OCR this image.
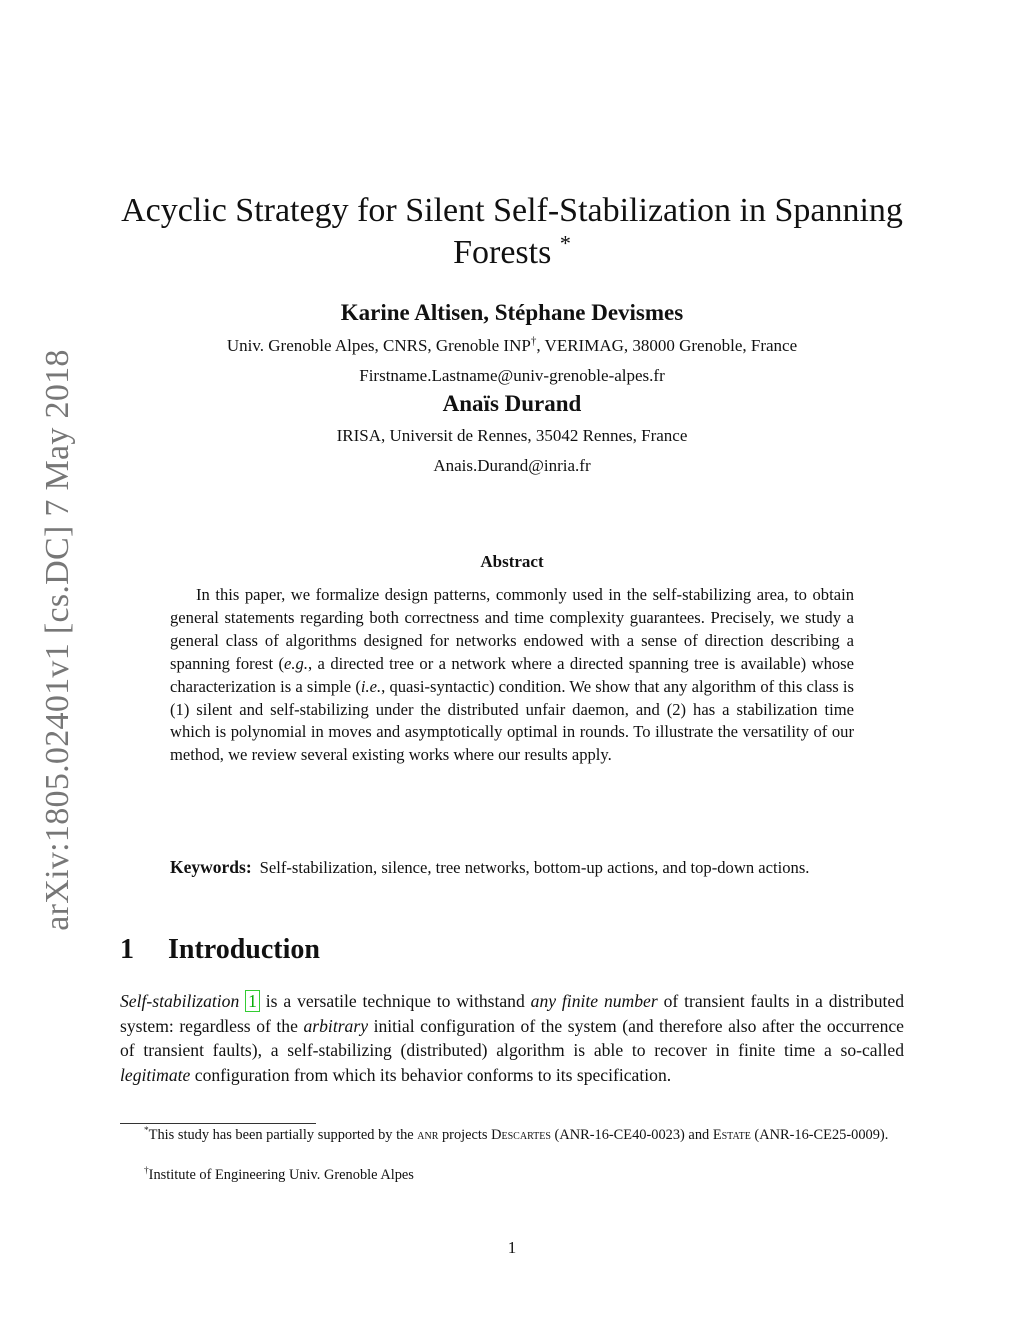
arXiv:1805.02401v1 [cs.DC] 7 May 2018
Acyclic Strategy for Silent Self-Stabilization in Spanning Forests *
Karine Altisen, Stéphane Devismes
Univ. Grenoble Alpes, CNRS, Grenoble INP†, VERIMAG, 38000 Grenoble, France
Firstname.Lastname@univ-grenoble-alpes.fr
Anaïs Durand
IRISA, Universit de Rennes, 35042 Rennes, France
Anais.Durand@inria.fr
Abstract

In this paper, we formalize design patterns, commonly used in the self-stabilizing area, to obtain general statements regarding both correctness and time complexity guarantees. Precisely, we study a general class of algorithms designed for networks endowed with a sense of direction describing a spanning forest (e.g., a directed tree or a network where a directed spanning tree is available) whose characterization is a simple (i.e., quasi-syntactic) condition. We show that any algorithm of this class is (1) silent and self-stabilizing under the distributed unfair daemon, and (2) has a stabilization time which is polynomial in moves and asymptotically optimal in rounds. To illustrate the versatility of our method, we review several existing works where our results apply.

Keywords: Self-stabilization, silence, tree networks, bottom-up actions, and top-down actions.

1 Introduction

Self-stabilization 1 is a versatile technique to withstand any finite number of transient faults in a distributed system: regardless of the arbitrary initial configuration of the system (and therefore also after the occurrence of transient faults), a self-stabilizing (distributed) algorithm is able to recover in finite time a so-called legitimate configuration from which its behavior conforms to its specification.

*This study has been partially supported by the anr projects Descartes (ANR-16-CE40-0023) and Estate (ANR-16-CE25-0009).

†Institute of Engineering Univ. Grenoble Alpes

1
